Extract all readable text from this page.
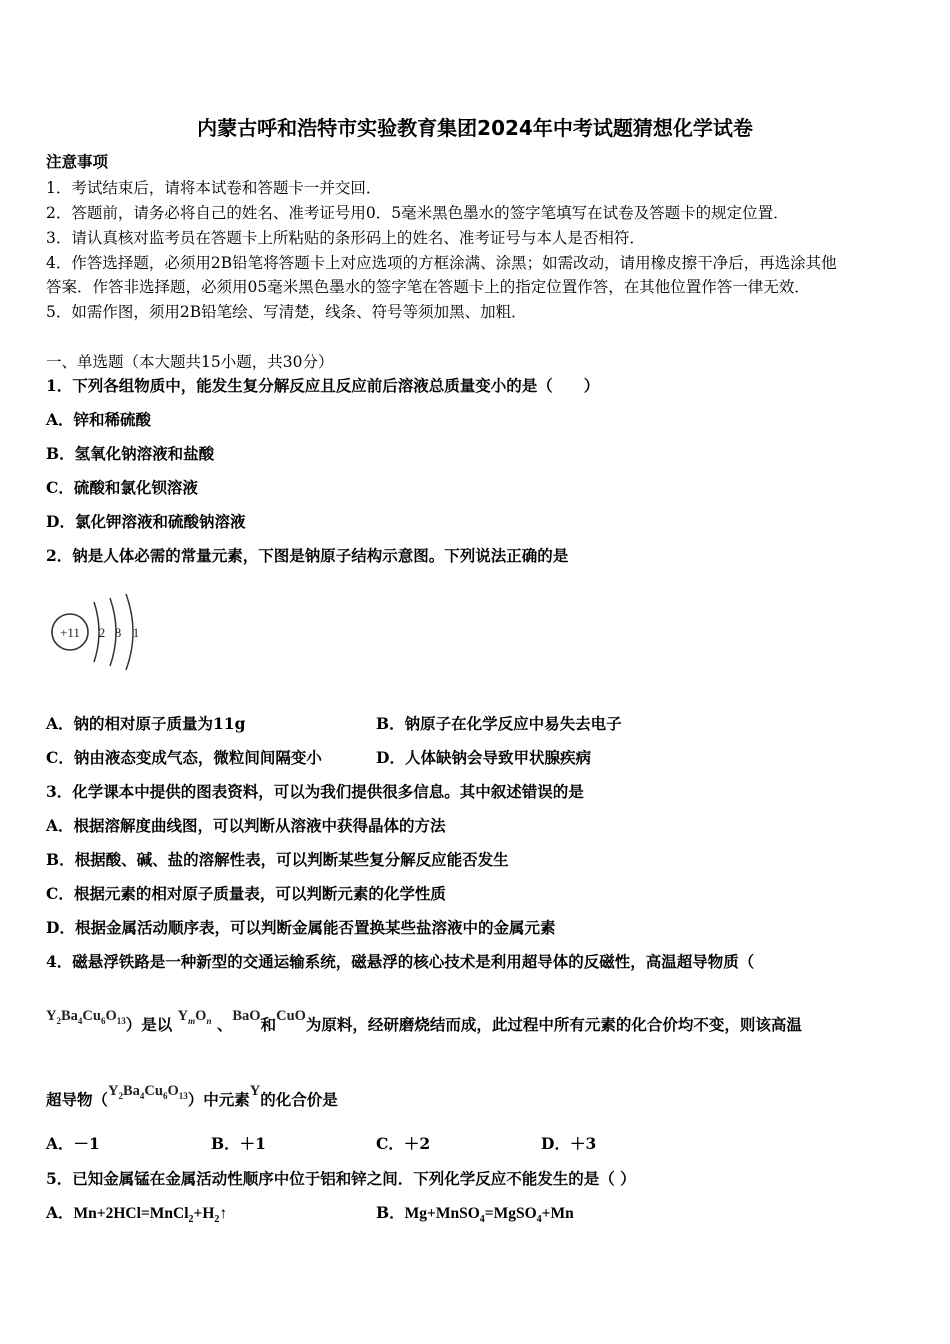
内蒙古呼和浩特市实验教育集团2024年中考试题猜想化学试卷
注意事项
1．考试结束后，请将本试卷和答题卡一并交回．
2．答题前，请务必将自己的姓名、准考证号用0．5毫米黑色墨水的签字笔填写在试卷及答题卡的规定位置．
3．请认真核对监考员在答题卡上所粘贴的条形码上的姓名、准考证号与本人是否相符．
4．作答选择题，必须用2B铅笔将答题卡上对应选项的方框涂满、涂黑；如需改动，请用橡皮擦干净后，再选涂其他
答案．作答非选择题，必须用05毫米黑色墨水的签字笔在答题卡上的指定位置作答，在其他位置作答一律无效．
5．如需作图，须用2B铅笔绘、写清楚，线条、符号等须加黑、加粗．
一、单选题（本大题共15小题，共30分）
1．下列各组物质中，能发生复分解反应且反应前后溶液总质量变小的是（　　）
A．锌和稀硫酸
B．氢氧化钠溶液和盐酸
C．硫酸和氯化钡溶液
D．氯化钾溶液和硫酸钠溶液
2．钠是人体必需的常量元素，下图是钠原子结构示意图。下列说法正确的是
+11 2 8 1
A．钠的相对原子质量为11g	B．钠原子在化学反应中易失去电子
C．钠由液态变成气态，微粒间间隔变小	D．人体缺钠会导致甲状腺疾病
3．化学课本中提供的图表资料，可以为我们提供很多信息。其中叙述错误的是
A．根据溶解度曲线图，可以判断从溶液中获得晶体的方法
B．根据酸、碱、盐的溶解性表，可以判断某些复分解反应能否发生
C．根据元素的相对原子质量表，可以判断元素的化学性质
D．根据金属活动顺序表，可以判断金属能否置换某些盐溶液中的金属元素
4．磁悬浮铁路是一种新型的交通运输系统，磁悬浮的核心技术是利用超导体的反磁性，高温超导物质（
$Y_2Ba_4Cu_6O_{13}$）是以 $Y_mO_n$ 、BaO和CuO为原料，经研磨烧结而成，此过程中所有元素的化合价均不变，则该高温
超导物$(Y_2Ba_4Cu_6O_{13})$中元素Y的化合价是
A．－1	B．＋1	C．＋2	D．＋3
5．已知金属锰在金属活动性顺序中位于铝和锌之间．下列化学反应不能发生的是（ ）
A．$Mn+2HCl=MnCl_2+H_2↑$	B．Mg+MnSO$_4$=MgSO$_4$+Mn
